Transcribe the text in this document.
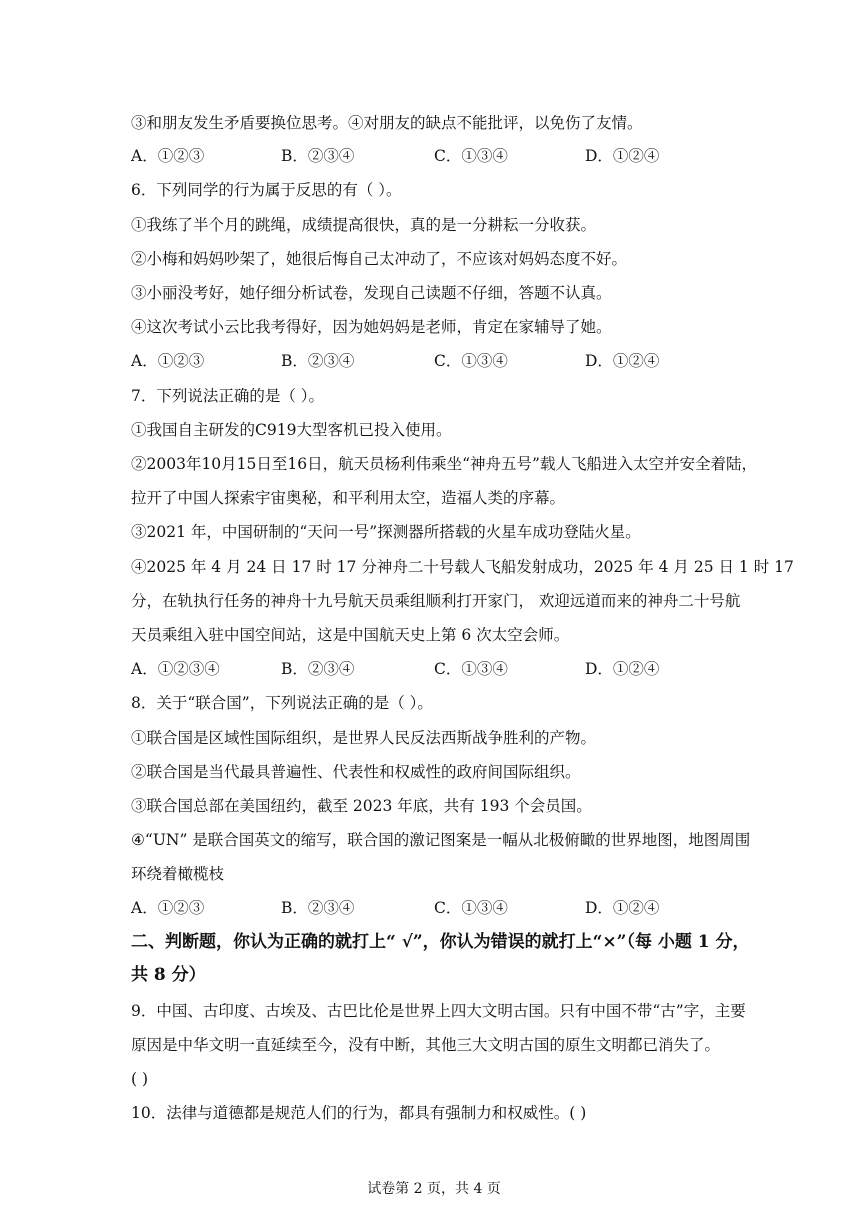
③和朋友发生矛盾要换位思考。④对朋友的缺点不能批评，以免伤了友情。
A．①②③	B．②③④	C．①③④	D．①②④
6．下列同学的行为属于反思的有（ ）。
①我练了半个月的跳绳，成绩提高很快，真的是一分耕耘一分收获。
②小梅和妈妈吵架了，她很后悔自己太冲动了，不应该对妈妈态度不好。
③小丽没考好，她仔细分析试卷，发现自己读题不仔细，答题不认真。
④这次考试小云比我考得好，因为她妈妈是老师，肯定在家辅导了她。
A．①②③	B．②③④	C．①③④	D．①②④
7．下列说法正确的是（ ）。
①我国自主研发的C919大型客机已投入使用。
②2003年10月15日至16日，航天员杨利伟乘坐“神舟五号”载人飞船进入太空并安全着陆，
拉开了中国人探索宇宙奥秘，和平利用太空，造福人类的序幕。
③2021 年，中国研制的“天问一号”探测器所搭载的火星车成功登陆火星。
④2025 年 4 月 24 日 17 时 17 分神舟二十号载人飞船发射成功，2025 年 4 月 25 日 1 时 17
分，在轨执行任务的神舟十九号航天员乘组顺利打开家门， 欢迎远道而来的神舟二十号航
天员乘组入驻中国空间站，这是中国航天史上第 6 次太空会师。
A．①②③④	B．②③④	C．①③④	D．①②④
8．关于“联合国”，下列说法正确的是（ ）。
①联合国是区域性国际组织，是世界人民反法西斯战争胜利的产物。
②联合国是当代最具普遍性、代表性和权威性的政府间国际组织。
③联合国总部在美国纽约，截至 2023 年底，共有 193 个会员国。
④“UN” 是联合国英文的缩写，联合国的激记图案是一幅从北极俯瞰的世界地图，地图周围
环绕着橄榄枝
A．①②③	B．②③④	C．①③④	D．①②④
二、判断题，你认为正确的就打上“ √”，你认为错误的就打上“×”（每 小题 1 分，
共 8 分）
9．中国、古印度、古埃及、古巴比伦是世界上四大文明古国。只有中国不带“古”字，主要
原因是中华文明一直延续至今，没有中断，其他三大文明古国的原生文明都已消失了。
( )
10．法律与道德都是规范人们的行为，都具有强制力和权威性。( )
试卷第 2 页，共 4 页
